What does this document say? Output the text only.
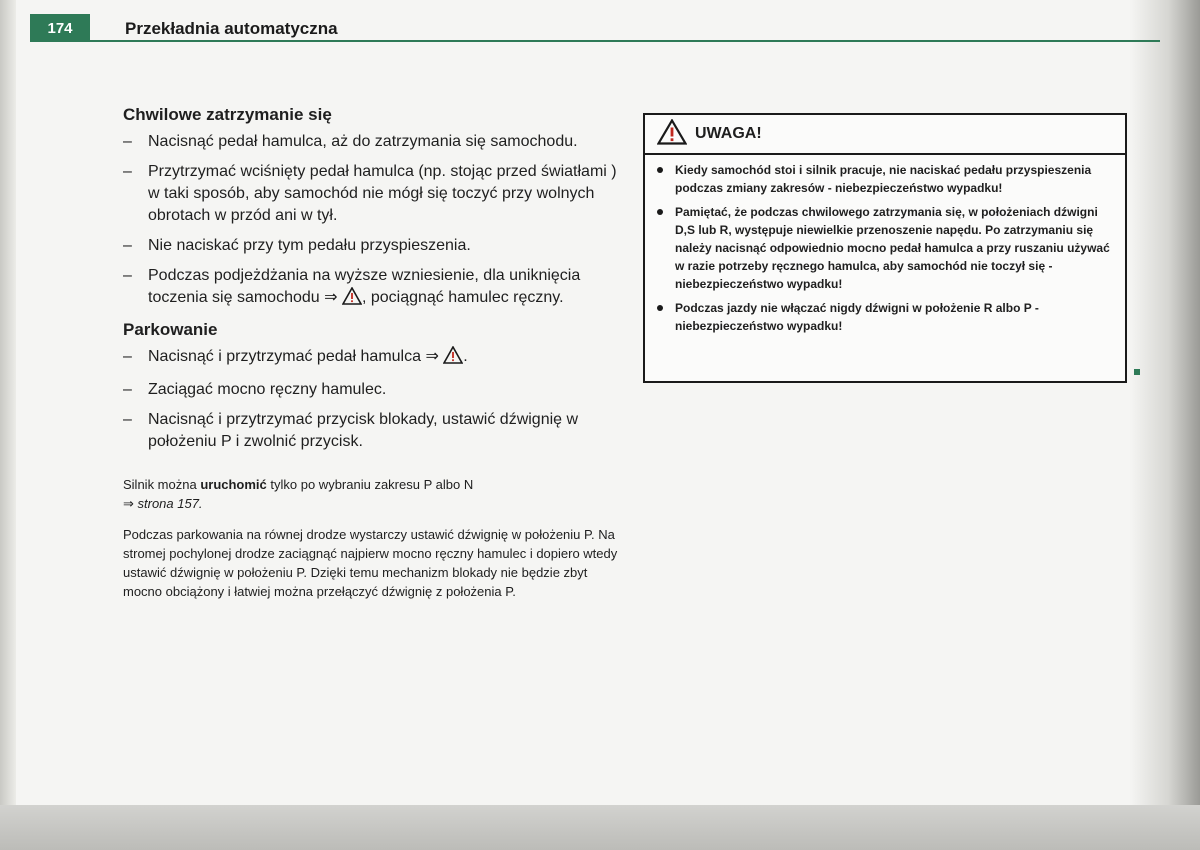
174	Przekładnia automatyczna
Chwilowe zatrzymanie się
– Nacisnąć pedał hamulca, aż do zatrzymania się samochodu.
– Przytrzymać wciśnięty pedał hamulca (np. stojąc przed światłami ) w taki sposób, aby samochód nie mógł się toczyć przy wolnych obrotach w przód ani w tył.
– Nie naciskać przy tym pedału przyspieszenia.
– Podczas podjeżdżania na wyższe wzniesienie, dla uniknięcia toczenia się samochodu ⇒ , pociągnąć hamulec ręczny.
Parkowanie
– Nacisnąć i przytrzymać pedał hamulca ⇒ .
– Zaciągać mocno ręczny hamulec.
– Nacisnąć i przytrzymać przycisk blokady, ustawić dźwignię w położeniu P i zwolnić przycisk.

Silnik można uruchomić tylko po wybraniu zakresu P albo N
⇒ strona 157.

Podczas parkowania na równej drodze wystarczy ustawić dźwignię w położeniu P. Na stromej pochylonej drodze zaciągnąć najpierw mocno ręczny hamulec i dopiero wtedy ustawić dźwignię w położeniu P. Dzięki temu mechanizm blokady nie będzie zbyt mocno obciążony i łatwiej można przełączyć dźwignię z położenia P.

UWAGA!
Kiedy samochód stoi i silnik pracuje, nie naciskać pedału przyspieszenia podczas zmiany zakresów - niebezpieczeństwo wypadku!
Pamiętać, że podczas chwilowego zatrzymania się, w położeniach dźwigni D,S lub R, występuje niewielkie przenoszenie napędu. Po zatrzymaniu się należy nacisnąć odpowiednio mocno pedał hamulca a przy ruszaniu używać w razie potrzeby ręcznego hamulca, aby samochód nie toczył się - niebezpieczeństwo wypadku!
Podczas jazdy nie włączać nigdy dźwigni w położenie R albo P - niebezpieczeństwo wypadku!
